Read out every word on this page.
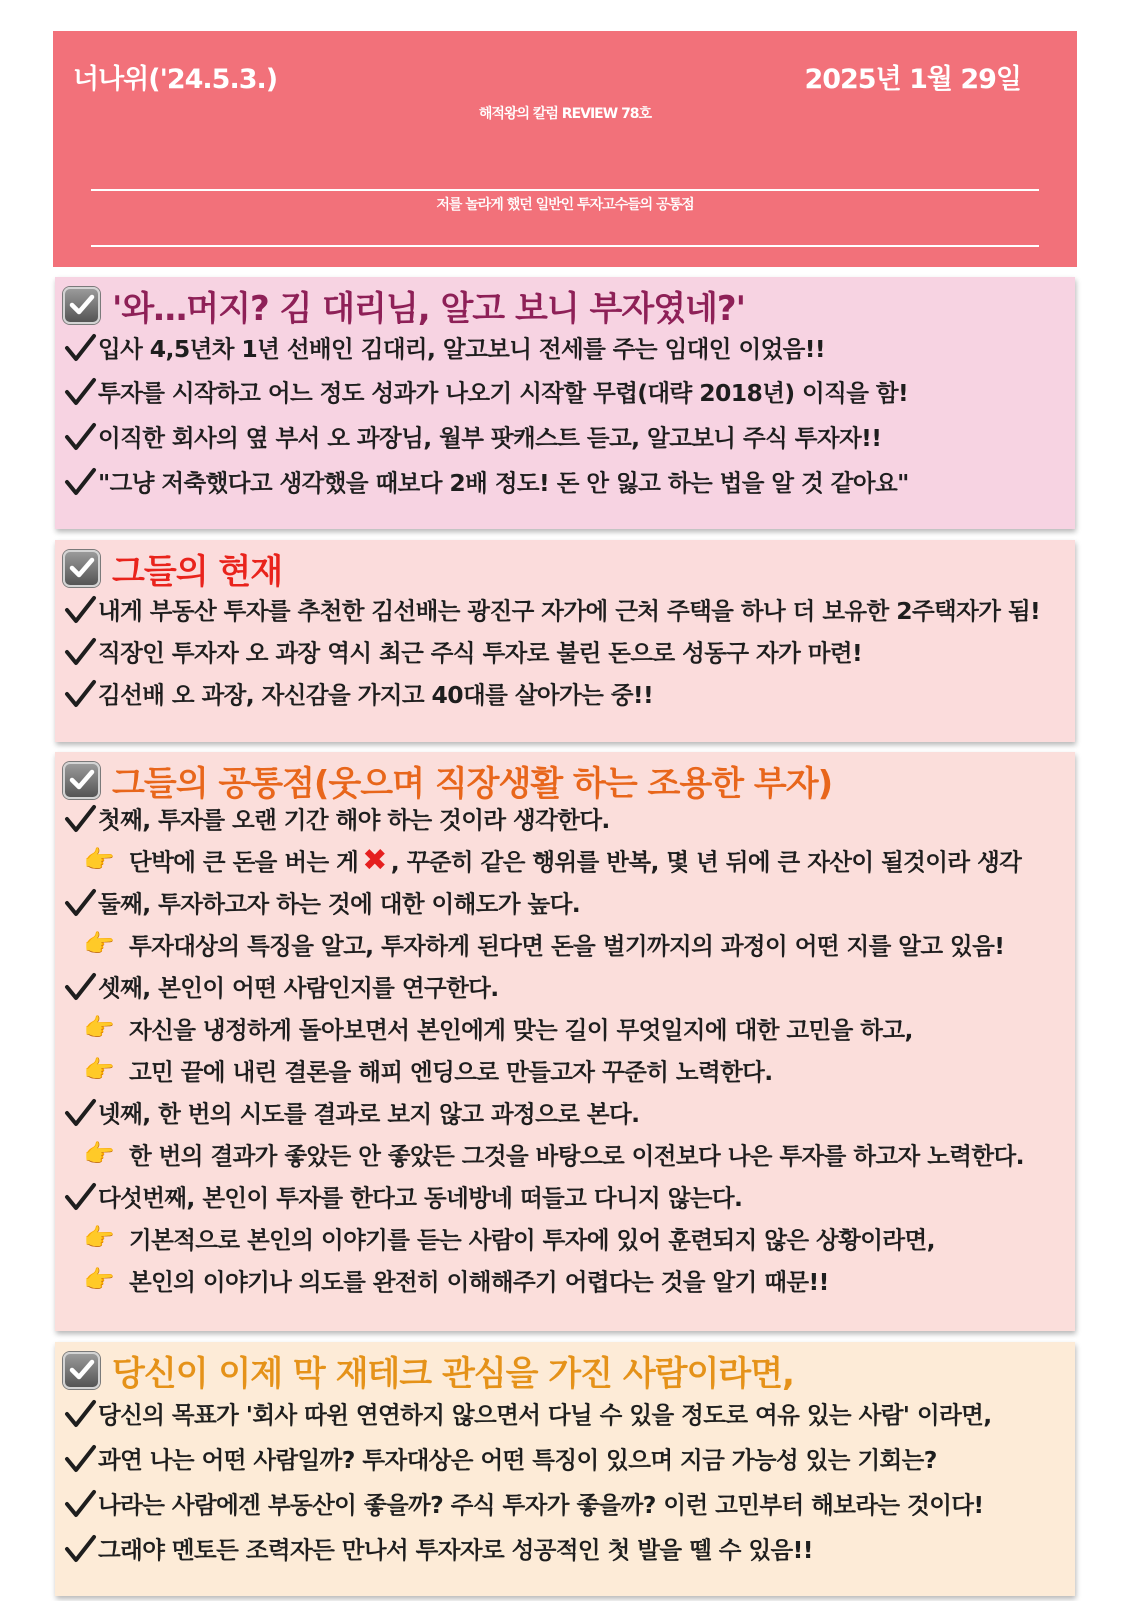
너나위('24.5.3.)	2025년 1월 29일
해적왕의 칼럼 REVIEW 78호
저를 놀라게 했던 일반인 투자고수들의 공통점
'와…머지? 김 대리님, 알고 보니 부자였네?'
입사 4,5년차 1년 선배인 김대리, 알고보니 전세를 주는 임대인 이었음!!
투자를 시작하고 어느 정도 성과가 나오기 시작할 무렵(대략 2018년) 이직을 함!
이직한 회사의 옆 부서 오 과장님, 월부 팟캐스트 듣고, 알고보니 주식 투자자!!
"그냥 저축했다고 생각했을 때보다 2배 정도! 돈 안 잃고 하는 법을 알 것 같아요"
그들의 현재
내게 부동산 투자를 추천한 김선배는 광진구 자가에 근처 주택을 하나 더 보유한 2주택자가 됨!
직장인 투자자 오 과장 역시 최근 주식 투자로 불린 돈으로 성동구 자가 마련!
김선배 오 과장, 자신감을 가지고 40대를 살아가는 중!!
그들의 공통점(웃으며 직장생활 하는 조용한 부자)
첫째, 투자를 오랜 기간 해야 하는 것이라 생각한다.
👉 단박에 큰 돈을 버는 게 ✖ , 꾸준히 같은 행위를 반복, 몇 년 뒤에 큰 자산이 될것이라 생각
둘째, 투자하고자 하는 것에 대한 이해도가 높다.
👉 투자대상의 특징을 알고, 투자하게 된다면 돈을 벌기까지의 과정이 어떤 지를 알고 있음!
셋째, 본인이 어떤 사람인지를 연구한다.
👉 자신을 냉정하게 돌아보면서 본인에게 맞는 길이 무엇일지에 대한 고민을 하고,
👉 고민 끝에 내린 결론을 해피 엔딩으로 만들고자 꾸준히 노력한다.
넷째, 한 번의 시도를 결과로 보지 않고 과정으로 본다.
👉 한 번의 결과가 좋았든 안 좋았든 그것을 바탕으로 이전보다 나은 투자를 하고자 노력한다.
다섯번째, 본인이 투자를 한다고 동네방네 떠들고 다니지 않는다.
👉 기본적으로 본인의 이야기를 듣는 사람이 투자에 있어 훈련되지 않은 상황이라면,
👉 본인의 이야기나 의도를 완전히 이해해주기 어렵다는 것을 알기 때문!!
당신이 이제 막 재테크 관심을 가진 사람이라면,
당신의 목표가 '회사 따윈 연연하지 않으면서 다닐 수 있을 정도로 여유 있는 사람' 이라면,
과연 나는 어떤 사람일까? 투자대상은 어떤 특징이 있으며 지금 가능성 있는 기회는?
나라는 사람에겐 부동산이 좋을까? 주식 투자가 좋을까? 이런 고민부터 해보라는 것이다!
그래야 멘토든 조력자든 만나서 투자자로 성공적인 첫 발을 뗄 수 있음!!
